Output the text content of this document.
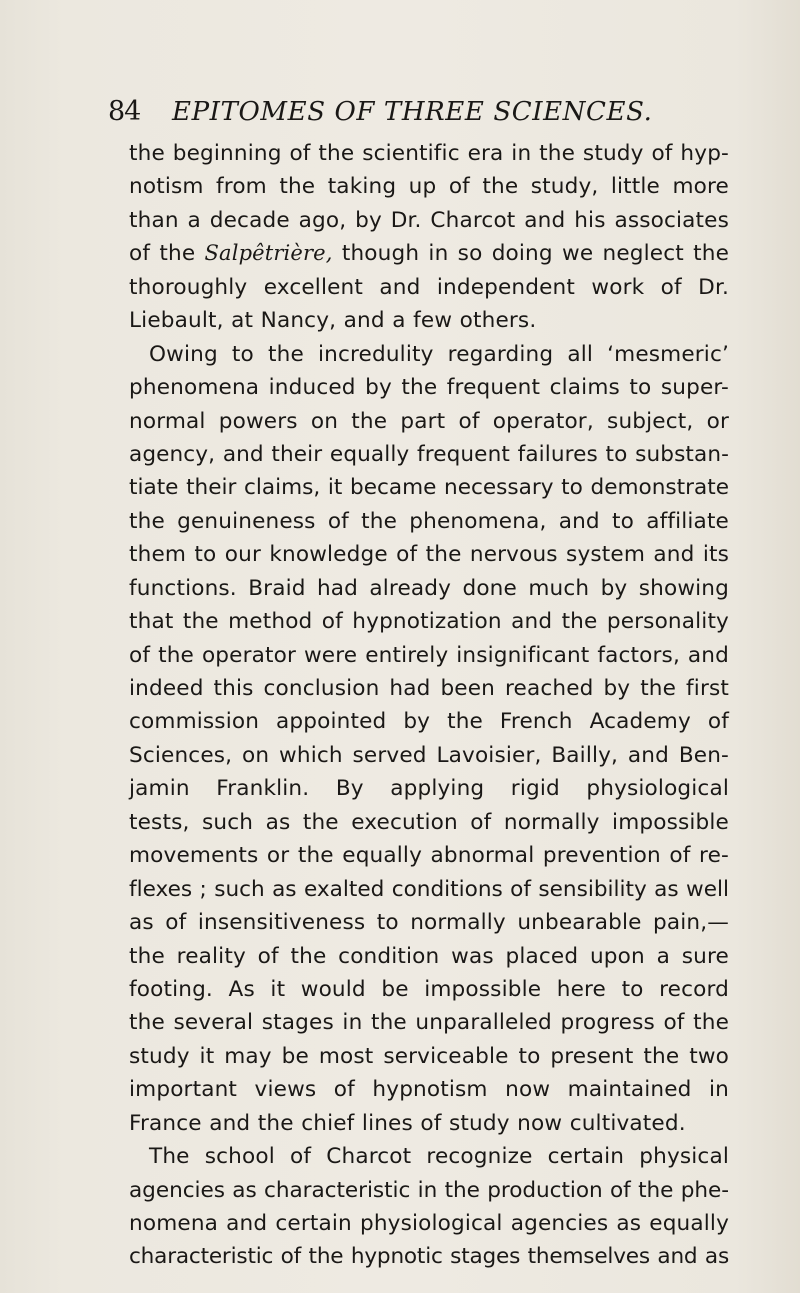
84 EPITOMES OF THREE SCIENCES.
the beginning of the scientific era in the study of hyp-
notism from the taking up of the study, little more
than a decade ago, by Dr. Charcot and his associates
of the Salpêtrière, though in so doing we neglect the
thoroughly excellent and independent work of Dr.
Liebault, at Nancy, and a few others.
Owing to the incredulity regarding all ‘mesmeric’
phenomena induced by the frequent claims to super-
normal powers on the part of operator, subject, or
agency, and their equally frequent failures to substan-
tiate their claims, it became necessary to demonstrate
the genuineness of the phenomena, and to affiliate
them to our knowledge of the nervous system and its
functions. Braid had already done much by showing
that the method of hypnotization and the personality
of the operator were entirely insignificant factors, and
indeed this conclusion had been reached by the first
commission appointed by the French Academy of
Sciences, on which served Lavoisier, Bailly, and Ben-
jamin Franklin. By applying rigid physiological
tests, such as the execution of normally impossible
movements or the equally abnormal prevention of re-
flexes ; such as exalted conditions of sensibility as well
as of insensitiveness to normally unbearable pain,—
the reality of the condition was placed upon a sure
footing. As it would be impossible here to record
the several stages in the unparalleled progress of the
study it may be most serviceable to present the two
important views of hypnotism now maintained in
France and the chief lines of study now cultivated.
The school of Charcot recognize certain physical
agencies as characteristic in the production of the phe-
nomena and certain physiological agencies as equally
characteristic of the hypnotic stages themselves and as
